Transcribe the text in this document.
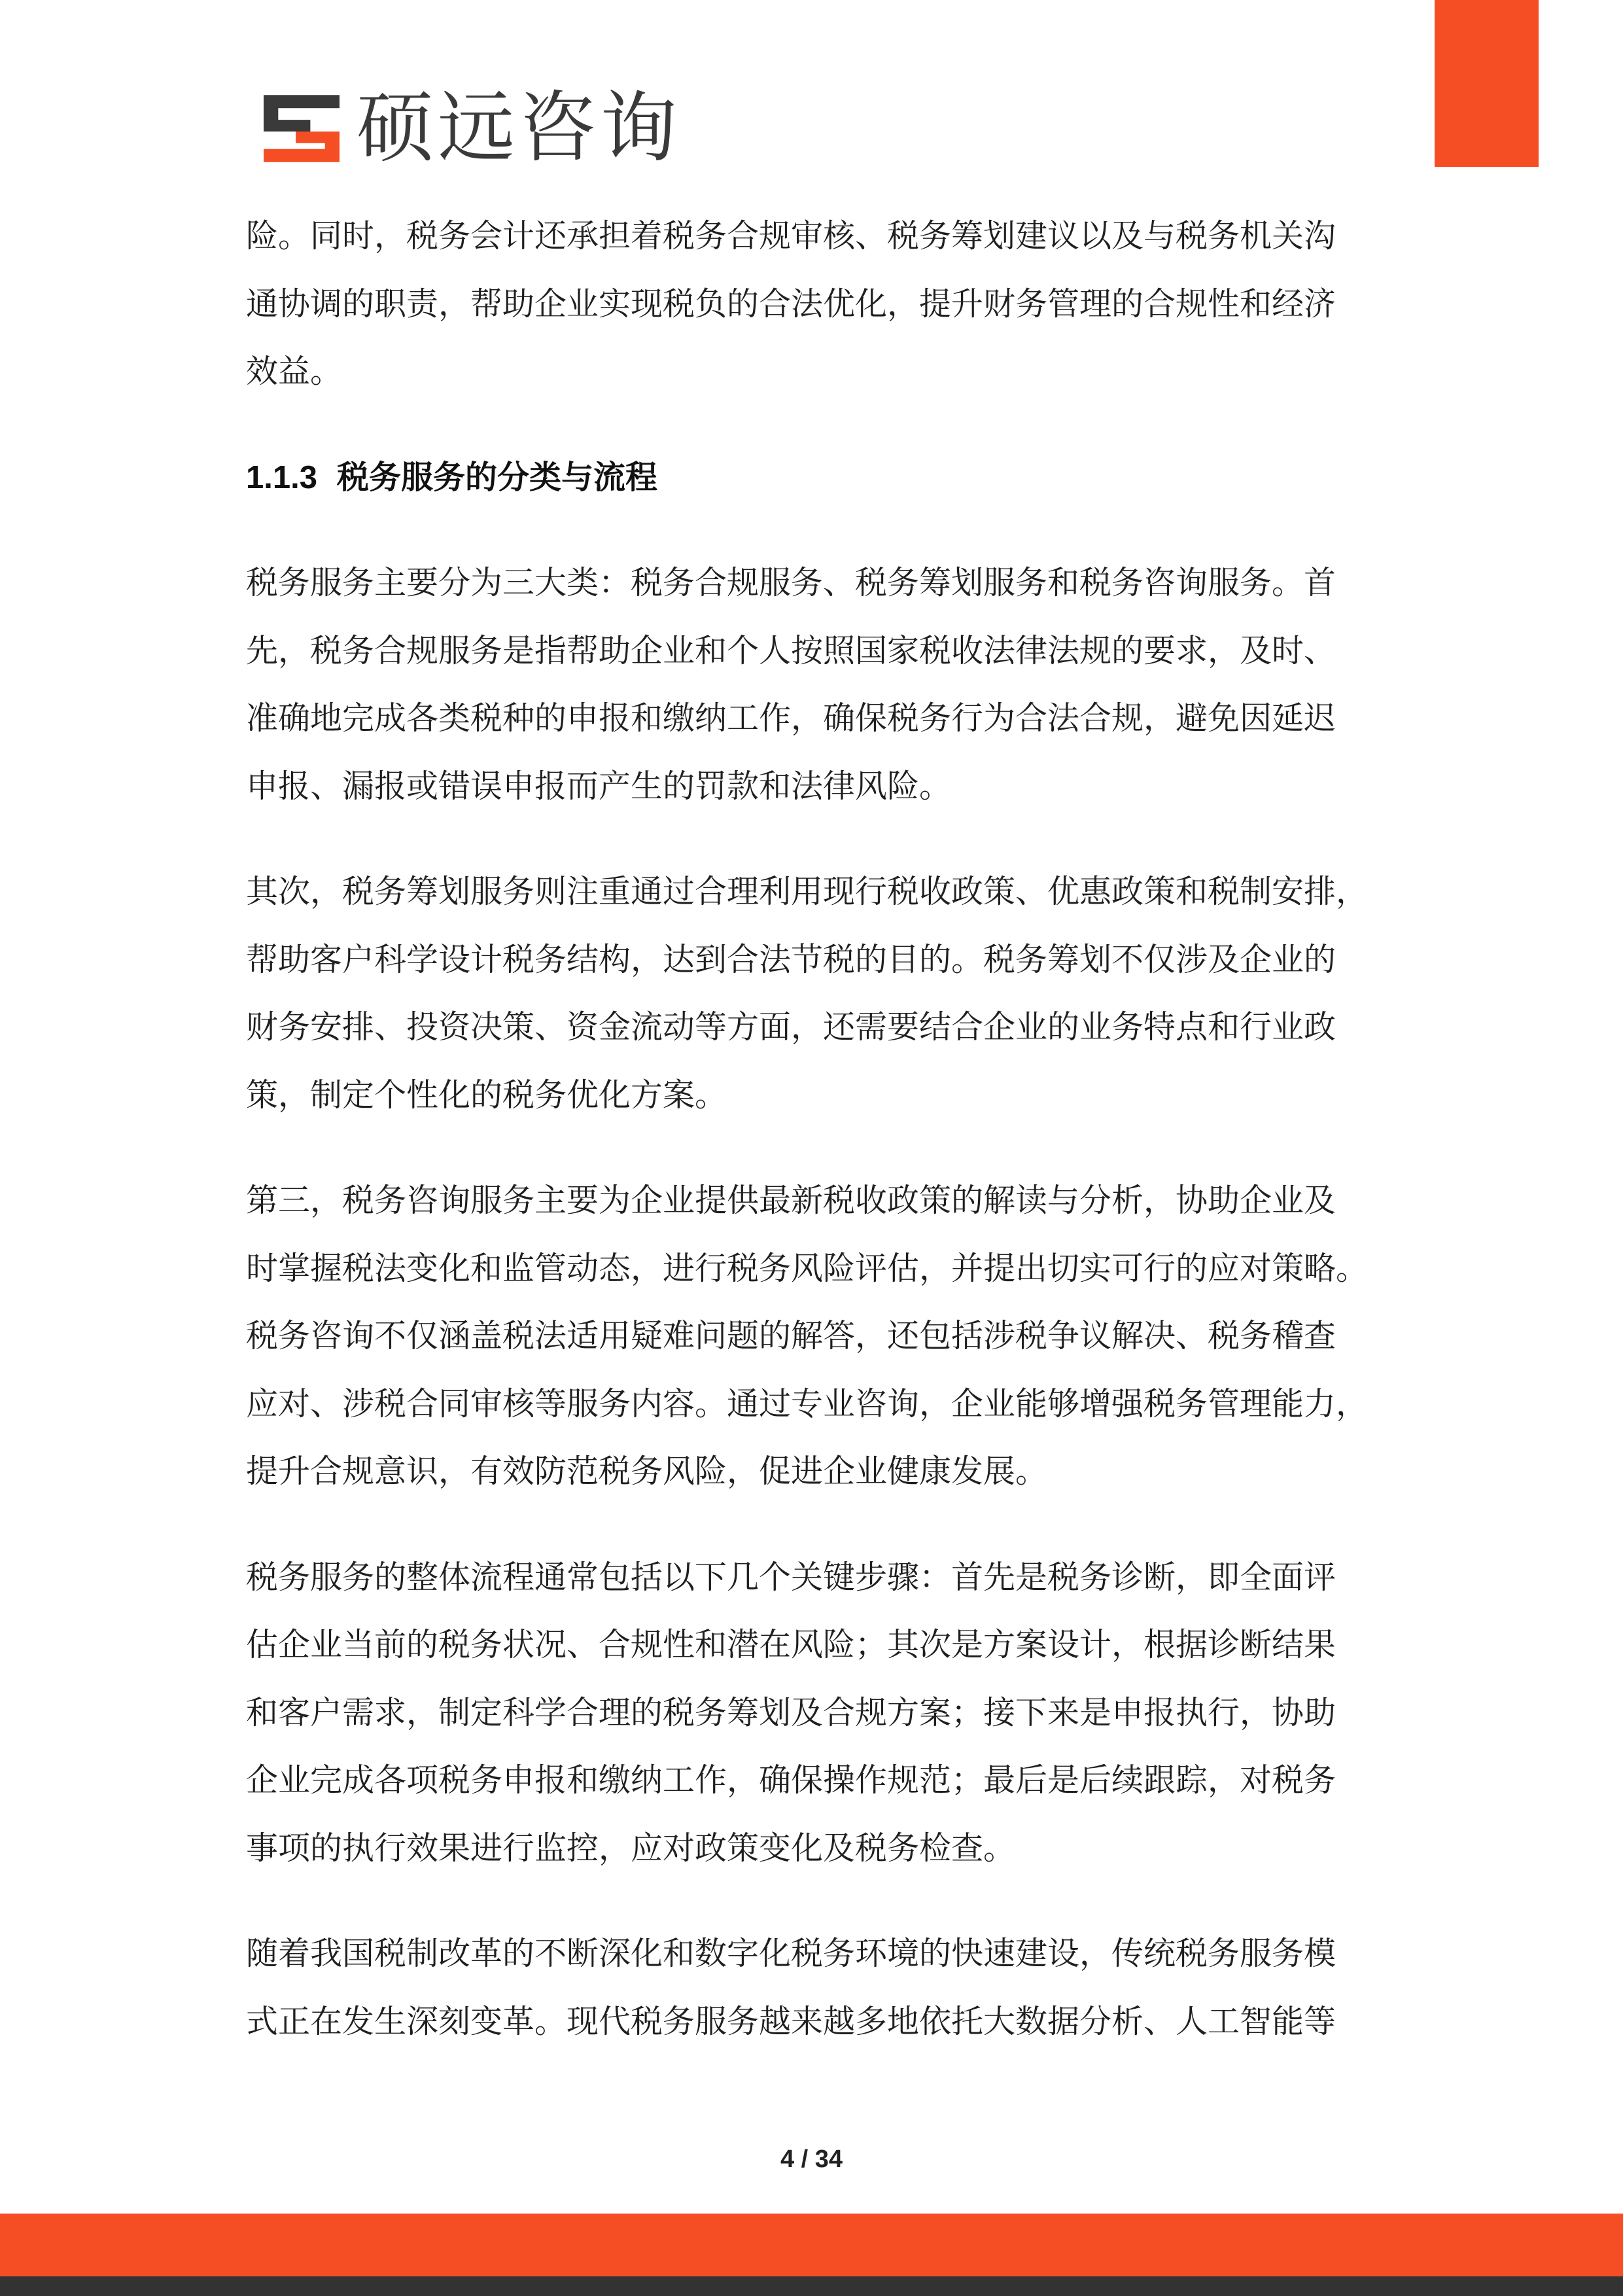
硕远咨询
险。同时，税务会计还承担着税务合规审核、税务筹划建议以及与税务机关沟
通协调的职责，帮助企业实现税负的合法优化，提升财务管理的合规性和经济
效益。
1.1.3 税务服务的分类与流程
税务服务主要分为三大类：税务合规服务、税务筹划服务和税务咨询服务。首
先，税务合规服务是指帮助企业和个人按照国家税收法律法规的要求，及时、
准确地完成各类税种的申报和缴纳工作，确保税务行为合法合规，避免因延迟
申报、漏报或错误申报而产生的罚款和法律风险。
其次，税务筹划服务则注重通过合理利用现行税收政策、优惠政策和税制安排，
帮助客户科学设计税务结构，达到合法节税的目的。税务筹划不仅涉及企业的
财务安排、投资决策、资金流动等方面，还需要结合企业的业务特点和行业政
策，制定个性化的税务优化方案。
第三，税务咨询服务主要为企业提供最新税收政策的解读与分析，协助企业及
时掌握税法变化和监管动态，进行税务风险评估，并提出切实可行的应对策略。
税务咨询不仅涵盖税法适用疑难问题的解答，还包括涉税争议解决、税务稽查
应对、涉税合同审核等服务内容。通过专业咨询，企业能够增强税务管理能力，
提升合规意识，有效防范税务风险，促进企业健康发展。
税务服务的整体流程通常包括以下几个关键步骤：首先是税务诊断，即全面评
估企业当前的税务状况、合规性和潜在风险；其次是方案设计，根据诊断结果
和客户需求，制定科学合理的税务筹划及合规方案；接下来是申报执行，协助
企业完成各项税务申报和缴纳工作，确保操作规范；最后是后续跟踪，对税务
事项的执行效果进行监控，应对政策变化及税务检查。
随着我国税制改革的不断深化和数字化税务环境的快速建设，传统税务服务模
式正在发生深刻变革。现代税务服务越来越多地依托大数据分析、人工智能等
4 / 34
